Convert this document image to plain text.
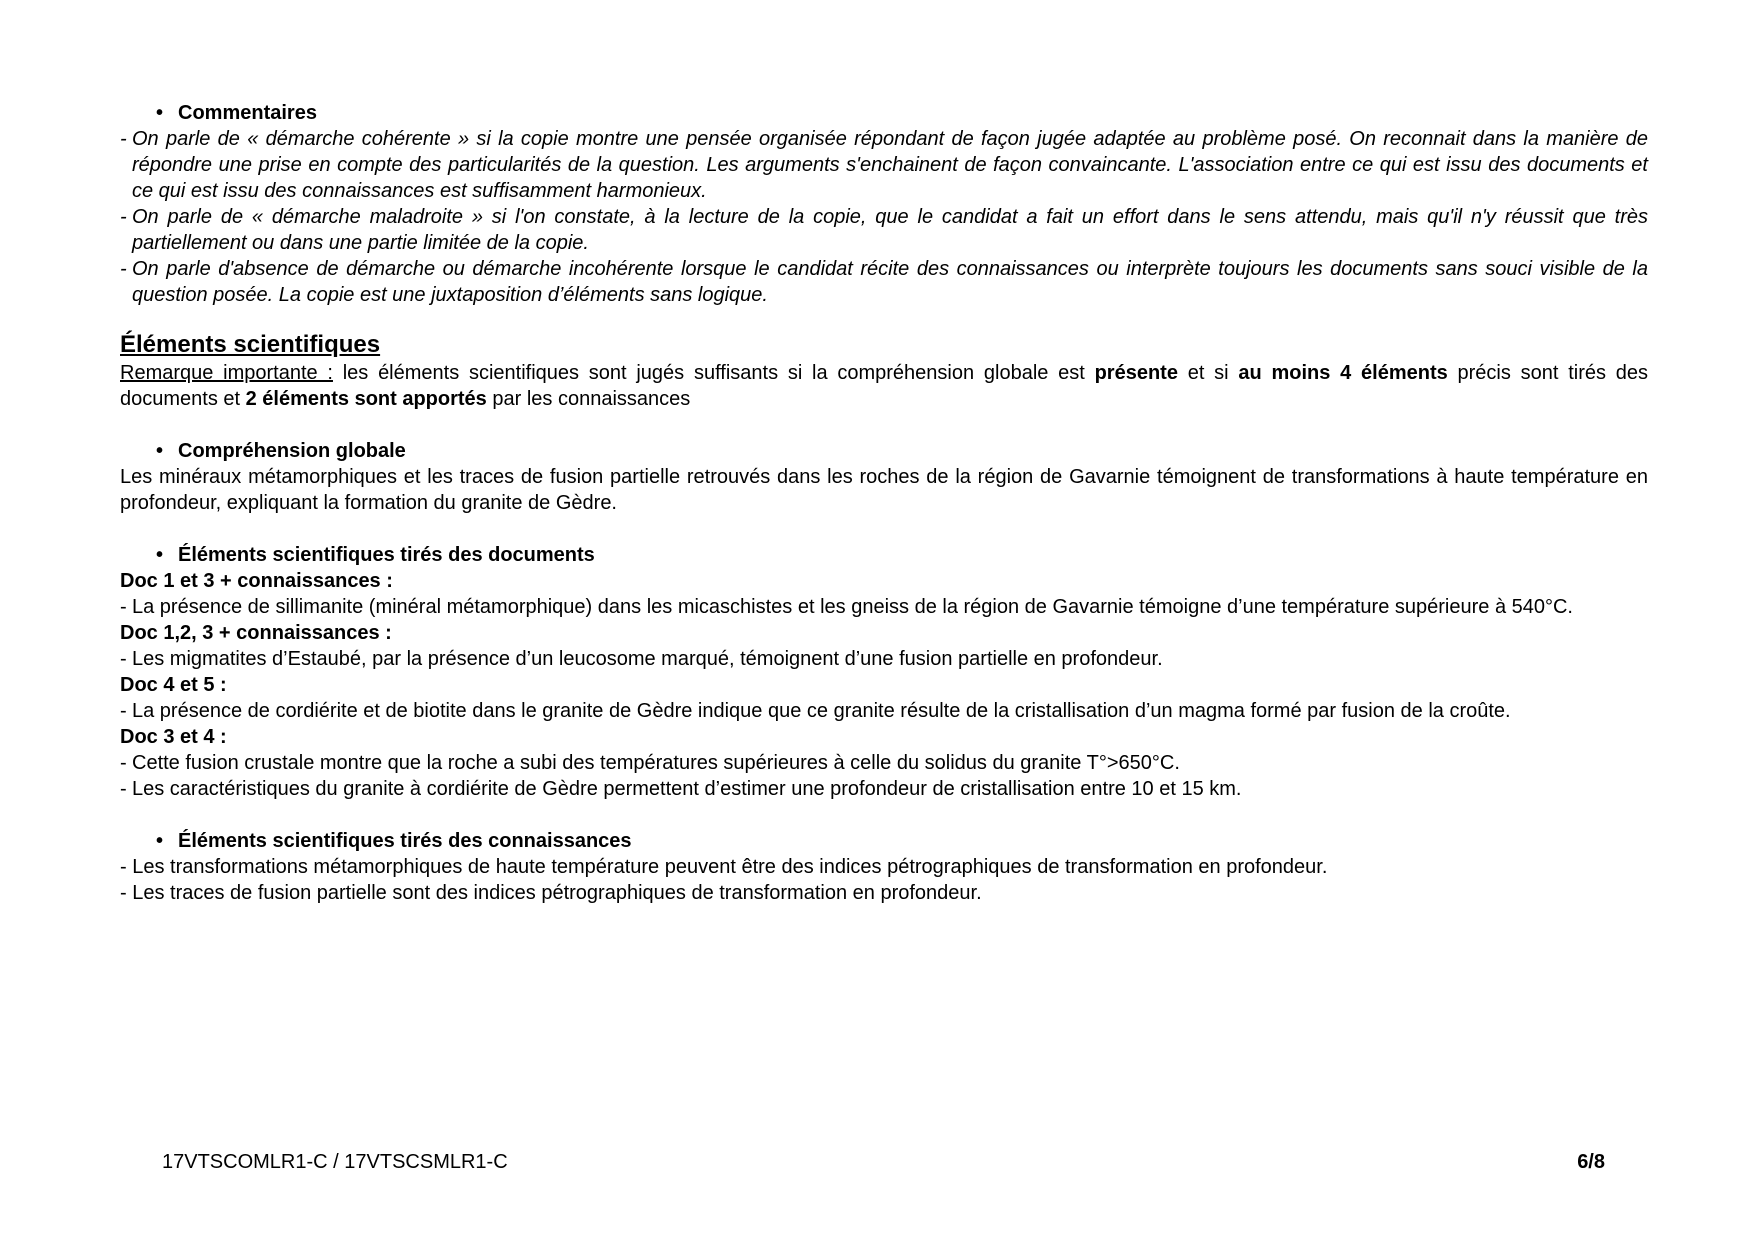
• Commentaires

- On parle de « démarche cohérente » si la copie montre une pensée organisée répondant de façon jugée adaptée au problème posé. On reconnait dans la manière de répondre une prise en compte des particularités de la question. Les arguments s'enchainent de façon convaincante. L'association entre ce qui est issu des documents et ce qui est issu des connaissances est suffisamment harmonieux.

- On parle de « démarche maladroite » si l'on constate, à la lecture de la copie, que le candidat a fait un effort dans le sens attendu, mais qu'il n'y réussit que très partiellement ou dans une partie limitée de la copie.

- On parle d'absence de démarche ou démarche incohérente lorsque le candidat récite des connaissances ou interprète toujours les documents sans souci visible de la question posée. La copie est une juxtaposition d’éléments sans logique.

Éléments scientifiques

Remarque importante : les éléments scientifiques sont jugés suffisants si la compréhension globale est présente et si au moins 4 éléments précis sont tirés des documents et 2 éléments sont apportés par les connaissances

• Compréhension globale

Les minéraux métamorphiques et les traces de fusion partielle retrouvés dans les roches de la région de Gavarnie témoignent de transformations à haute température en profondeur, expliquant la formation du granite de Gèdre.

• Éléments scientifiques tirés des documents

Doc 1 et 3 + connaissances :

- La présence de sillimanite (minéral métamorphique) dans les micaschistes et les gneiss de la région de Gavarnie témoigne d’une température supérieure à 540°C.

Doc 1,2, 3 + connaissances :

- Les migmatites d’Estaubé, par la présence d’un leucosome marqué, témoignent d’une fusion partielle en profondeur.

Doc 4 et 5 :

- La présence de cordiérite et de biotite dans le granite de Gèdre indique que ce granite résulte de la cristallisation d’un magma formé par fusion de la croûte.

Doc 3 et 4 :

- Cette fusion crustale montre que la roche a subi des températures supérieures à celle du solidus du granite T°>650°C.

- Les caractéristiques du granite à cordiérite de Gèdre permettent d’estimer une profondeur de cristallisation entre 10 et 15 km.

• Éléments scientifiques tirés des connaissances

- Les transformations métamorphiques de haute température peuvent être des indices pétrographiques de transformation en profondeur.

- Les traces de fusion partielle sont des indices pétrographiques de transformation en profondeur.

17VTSCOMLR1-C / 17VTSCSMLR1-C	6/8
